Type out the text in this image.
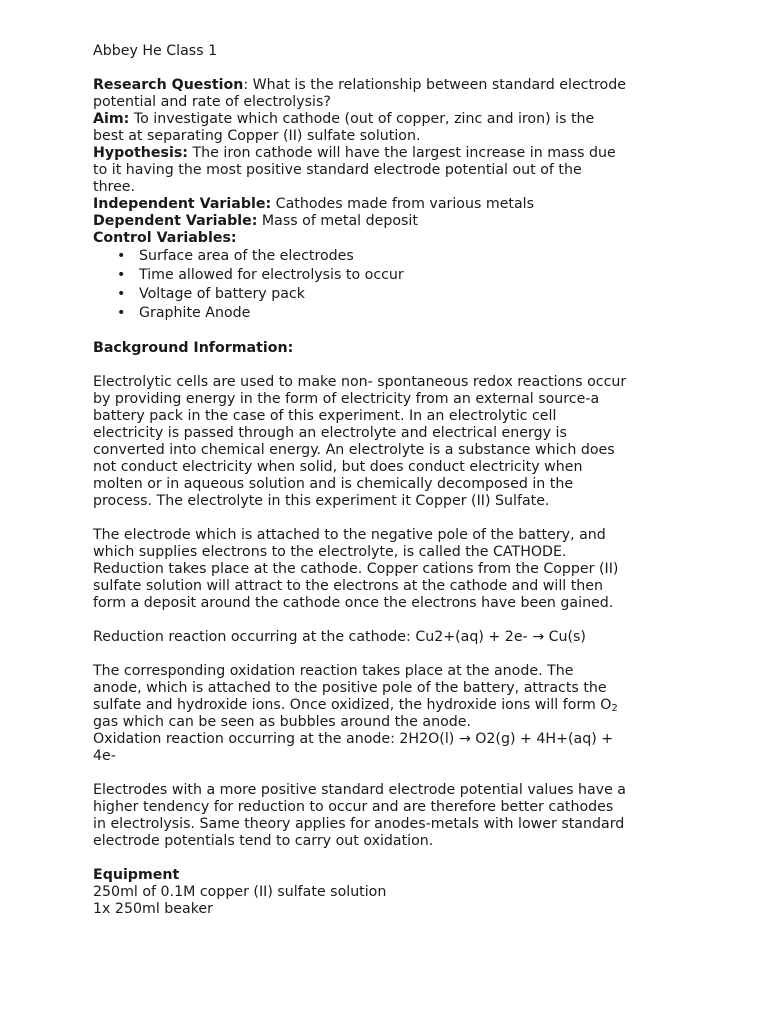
Abbey He Class 1
Research Question: What is the relationship between standard electrode
potential and rate of electrolysis?
Aim: To investigate which cathode (out of copper, zinc and iron) is the
best at separating Copper (II) sulfate solution.
Hypothesis: The iron cathode will have the largest increase in mass due
to it having the most positive standard electrode potential out of the
three.
Independent Variable: Cathodes made from various metals
Dependent Variable: Mass of metal deposit
Control Variables:
• Surface area of the electrodes
• Time allowed for electrolysis to occur
• Voltage of battery pack
• Graphite Anode
Background Information:
Electrolytic cells are used to make non- spontaneous redox reactions occur
by providing energy in the form of electricity from an external source-a
battery pack in the case of this experiment. In an electrolytic cell
electricity is passed through an electrolyte and electrical energy is
converted into chemical energy. An electrolyte is a substance which does
not conduct electricity when solid, but does conduct electricity when
molten or in aqueous solution and is chemically decomposed in the
process. The electrolyte in this experiment it Copper (II) Sulfate.
The electrode which is attached to the negative pole of the battery, and
which supplies electrons to the electrolyte, is called the CATHODE.
Reduction takes place at the cathode. Copper cations from the Copper (II)
sulfate solution will attract to the electrons at the cathode and will then
form a deposit around the cathode once the electrons have been gained.
Reduction reaction occurring at the cathode: Cu2+(aq) + 2e- → Cu(s)
The corresponding oxidation reaction takes place at the anode. The
anode, which is attached to the positive pole of the battery, attracts the
sulfate and hydroxide ions. Once oxidized, the hydroxide ions will form $O_2$
gas which can be seen as bubbles around the anode.
Oxidation reaction occurring at the anode: 2H2O(l) → O2(g) + 4H+(aq) +
4e-
Electrodes with a more positive standard electrode potential values have a
higher tendency for reduction to occur and are therefore better cathodes
in electrolysis. Same theory applies for anodes-metals with lower standard
electrode potentials tend to carry out oxidation.
Equipment
250ml of 0.1M copper (II) sulfate solution
1x 250ml beaker
